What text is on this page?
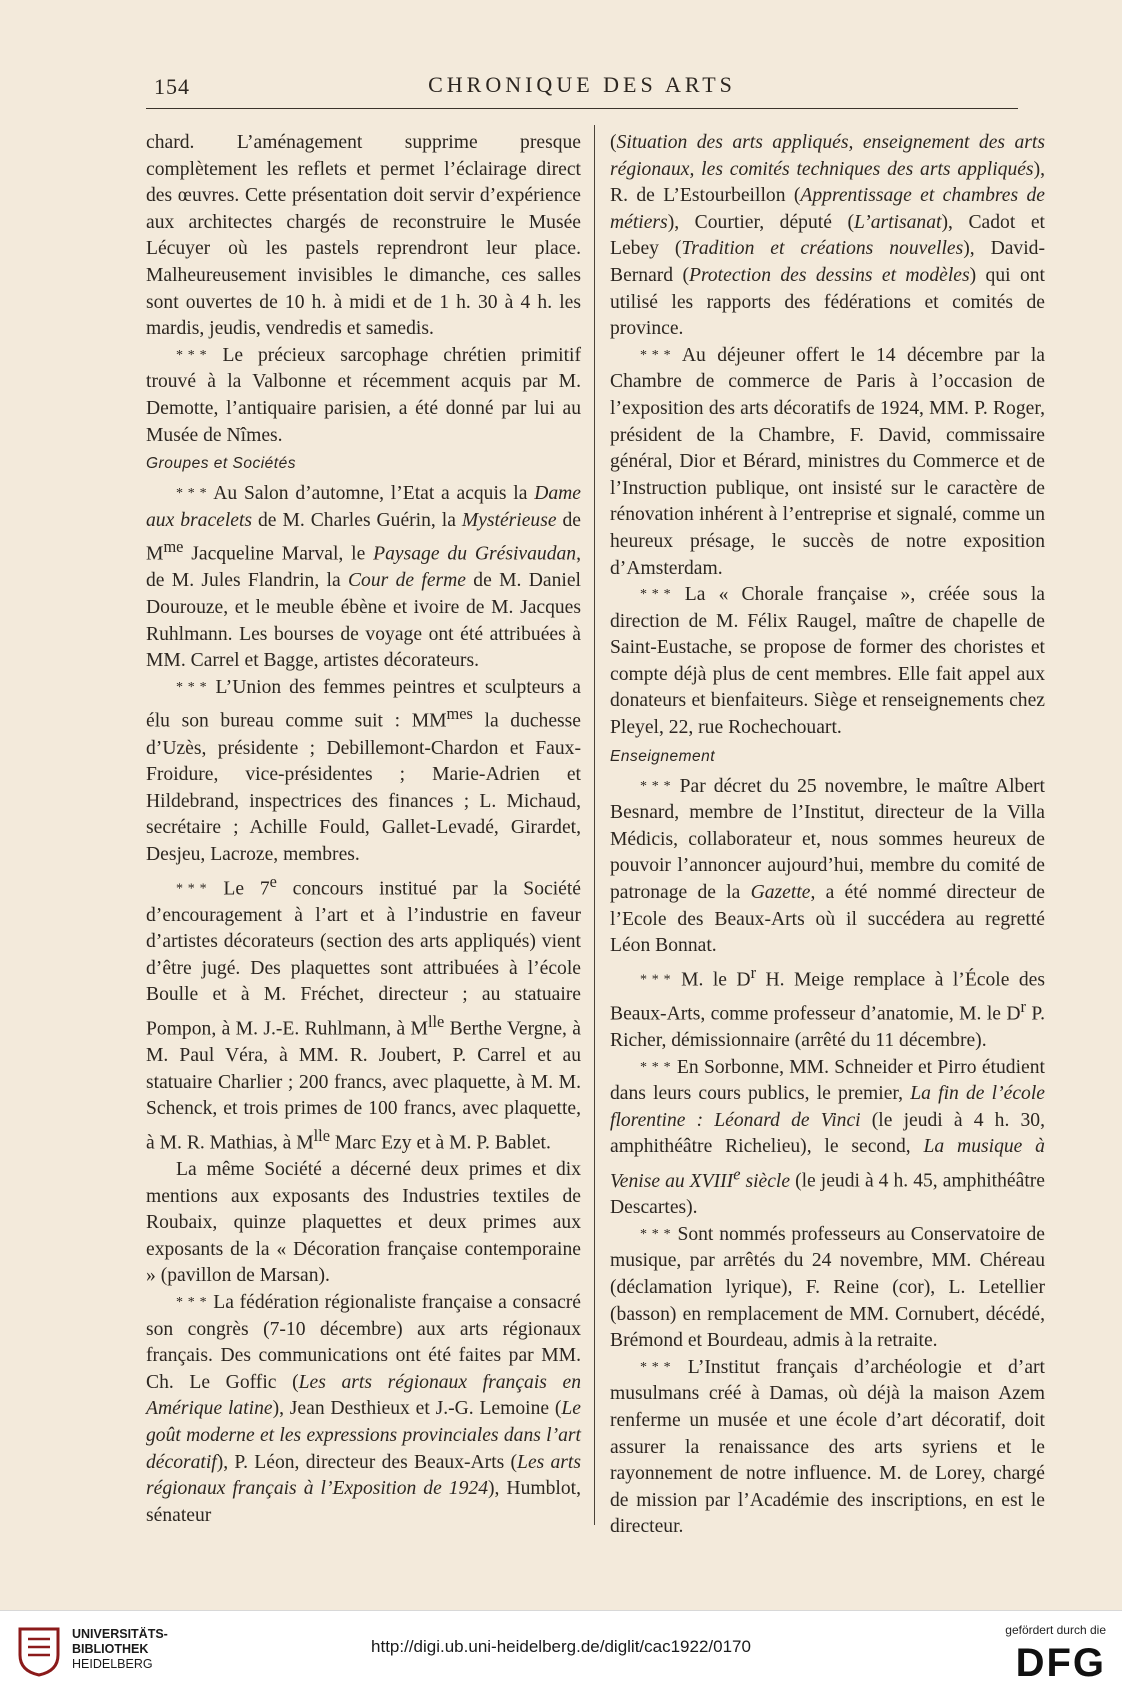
154	CHRONIQUE DES ARTS

chard. L’aménagement supprime presque complètement les reflets et permet l’éclairage direct des œuvres. Cette présentation doit servir d’expérience aux architectes chargés de reconstruire le Musée Lécuyer où les pastels reprendront leur place. Malheureusement invisibles le dimanche, ces salles sont ouvertes de 10 h. à midi et de 1 h. 30 à 4 h. les mardis, jeudis, vendredis et samedis.

* * * Le précieux sarcophage chrétien primitif trouvé à la Valbonne et récemment acquis par M. Demotte, l’antiquaire parisien, a été donné par lui au Musée de Nîmes.

Groupes et Sociétés

* * * Au Salon d’automne, l’Etat a acquis la Dame aux bracelets de M. Charles Guérin, la Mystérieuse de $M^{me}$ Jacqueline Marval, le Paysage du Grésivaudan, de M. Jules Flandrin, la Cour de ferme de M. Daniel Dourouze, et le meuble ébène et ivoire de M. Jacques Ruhlmann. Les bourses de voyage ont été attribuées à MM. Carrel et Bagge, artistes décorateurs.

* * * L’Union des femmes peintres et sculpteurs a élu son bureau comme suit : $MM^{mes}$ la duchesse d’Uzès, présidente ; Debillemont-Chardon et Faux-Froidure, vice-présidentes ; Marie-Adrien et Hildebrand, inspectrices des finances ; L. Michaud, secrétaire ; Achille Fould, Gallet-Levadé, Girardet, Desjeu, Lacroze, membres.

* * * Le 7e concours institué par la Société d’encouragement à l’art et à l’industrie en faveur d’artistes décorateurs (section des arts appliqués) vient d’être jugé. Des plaquettes sont attribuées à l’école Boulle et à M. Fréchet, directeur ; au statuaire Pompon, à M. J.-E. Ruhlmann, à $M^{lle}$ Berthe Vergne, à M. Paul Véra, à MM. R. Joubert, P. Carrel et au statuaire Charlier ; 200 francs, avec plaquette, à M. M. Schenck, et trois primes de 100 francs, avec plaquette, à M. R. Mathias, à $M^{lle}$ Marc Ezy et à M. P. Bablet.

La même Société a décerné deux primes et dix mentions aux exposants des Industries textiles de Roubaix, quinze plaquettes et deux primes aux exposants de la « Décoration française contemporaine » (pavillon de Marsan).

* * * La fédération régionaliste française a consacré son congrès (7-10 décembre) aux arts régionaux français. Des communications ont été faites par MM. Ch. Le Goffic (Les arts régionaux français en Amérique latine), Jean Desthieux et J.-G. Lemoine (Le goût moderne et les expressions provinciales dans l’art décoratif), P. Léon, directeur des Beaux-Arts (Les arts régionaux français à l’Exposition de 1924), Humblot, sénateur

(Situation des arts appliqués, enseignement des arts régionaux, les comités techniques des arts appliqués), R. de L’Estourbeillon (Apprentissage et chambres de métiers), Courtier, député (L’artisanat), Cadot et Lebey (Tradition et créations nouvelles), David-Bernard (Protection des dessins et modèles) qui ont utilisé les rapports des fédérations et comités de province.

* * * Au déjeuner offert le 14 décembre par la Chambre de commerce de Paris à l’occasion de l’exposition des arts décoratifs de 1924, MM. P. Roger, président de la Chambre, F. David, commissaire général, Dior et Bérard, ministres du Commerce et de l’Instruction publique, ont insisté sur le caractère de rénovation inhérent à l’entreprise et signalé, comme un heureux présage, le succès de notre exposition d’Amsterdam.

* * * La « Chorale française », créée sous la direction de M. Félix Raugel, maître de chapelle de Saint-Eustache, se propose de former des choristes et compte déjà plus de cent membres. Elle fait appel aux donateurs et bienfaiteurs. Siège et renseignements chez Pleyel, 22, rue Rochechouart.

Enseignement

* * * Par décret du 25 novembre, le maître Albert Besnard, membre de l’Institut, directeur de la Villa Médicis, collaborateur et, nous sommes heureux de pouvoir l’annoncer aujourd’hui, membre du comité de patronage de la Gazette, a été nommé directeur de l’Ecole des Beaux-Arts où il succédera au regretté Léon Bonnat.

* * * M. le $D^r$ H. Meige remplace à l’École des Beaux-Arts, comme professeur d’anatomie, M. le $D^r$ P. Richer, démissionnaire (arrêté du 11 décembre).

* * * En Sorbonne, MM. Schneider et Pirro étudient dans leurs cours publics, le premier, La fin de l’école florentine : Léonard de Vinci (le jeudi à 4 h. 30, amphithéâtre Richelieu), le second, La musique à Venise au XVIIIe siècle (le jeudi à 4 h. 45, amphithéâtre Descartes).

* * * Sont nommés professeurs au Conservatoire de musique, par arrêtés du 24 novembre, MM. Chéreau (déclamation lyrique), F. Reine (cor), L. Letellier (basson) en remplacement de MM. Cornubert, décédé, Brémond et Bourdeau, admis à la retraite.

* * * L’Institut français d’archéologie et d’art musulmans créé à Damas, où déjà la maison Azem renferme un musée et une école d’art décoratif, doit assurer la renaissance des arts syriens et le rayonnement de notre influence. M. de Lorey, chargé de mission par l’Académie des inscriptions, en est le directeur.

UNIVERSITÄTS-
BIBLIOTHEK
HEIDELBERG
http://digi.ub.uni-heidelberg.de/diglit/cac1922/0170
gefördert durch die
DFG
